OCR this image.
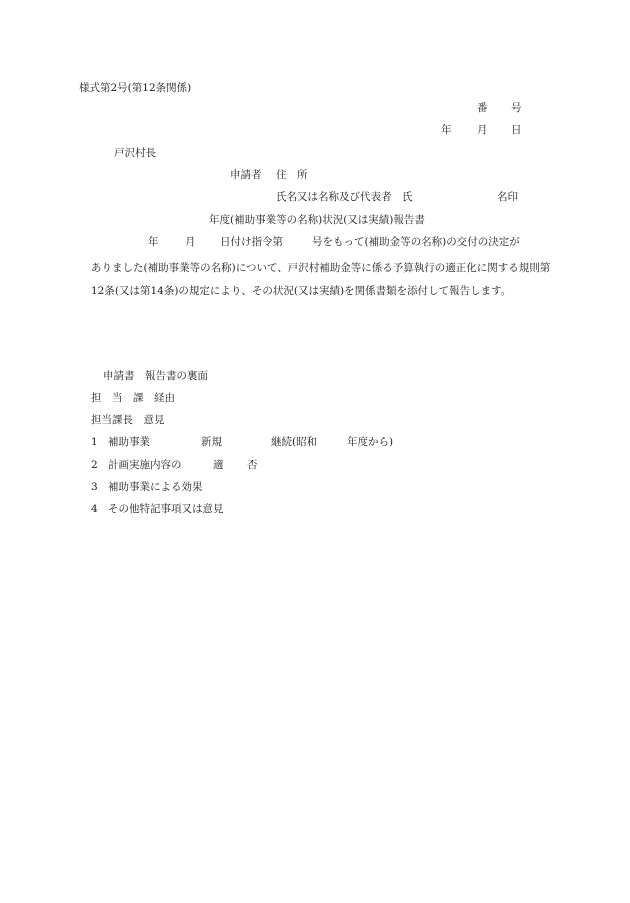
様式第2号(第12条関係)
番 号
年 月 日
戸沢村長
申請者 住　所
氏名又は名称及び代表者　氏	名印
年度(補助事業等の名称)状況(又は実績)報告書
年	月 日付け指令第	号をもって(補助金等の名称)の交付の決定が
ありました(補助事業等の名称)について、戸沢村補助金等に係る予算執行の適正化に関する規則第12条(又は第14条)の規定により、その状況(又は実績)を関係書類を添付して報告します。
申請書　報告書の裏面
担　当　課　経由
担当課長　意見
1 補助事業	新規	継続(昭和	年度から)
2 計画実施内容の	適 否
3 補助事業による効果
4 その他特記事項又は意見
